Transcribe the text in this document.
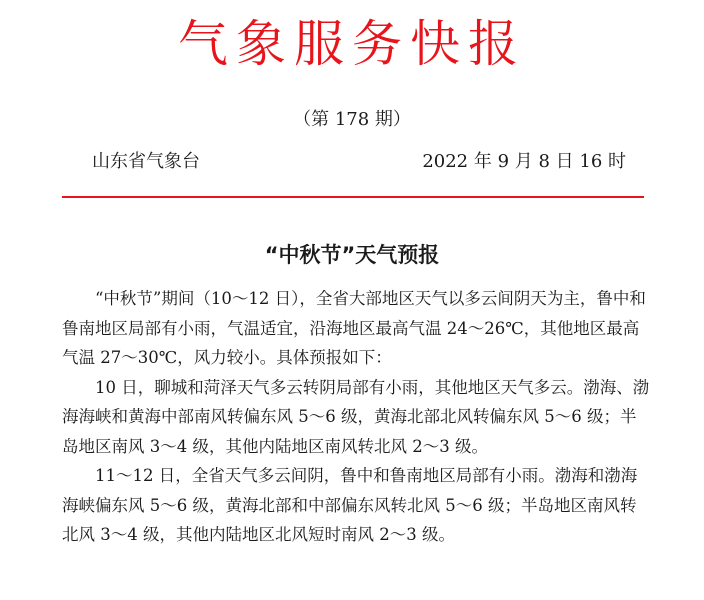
气象服务快报
（第 178 期）
山东省气象台	2022 年 9 月 8 日 16 时
“中秋节”天气预报

“中秋节”期间（10～12 日），全省大部地区天气以多云间阴天为主，鲁中和鲁南地区局部有小雨，气温适宜，沿海地区最高气温 24～26℃，其他地区最高气温 27～30℃，风力较小。具体预报如下：

10 日，聊城和菏泽天气多云转阴局部有小雨，其他地区天气多云。渤海、渤海海峡和黄海中部南风转偏东风 5～6 级，黄海北部北风转偏东风 5～6 级；半岛地区南风 3～4 级，其他内陆地区南风转北风 2～3 级。

11～12 日，全省天气多云间阴，鲁中和鲁南地区局部有小雨。渤海和渤海海峡偏东风 5～6 级，黄海北部和中部偏东风转北风 5～6 级；半岛地区南风转北风 3～4 级，其他内陆地区北风短时南风 2～3 级。
